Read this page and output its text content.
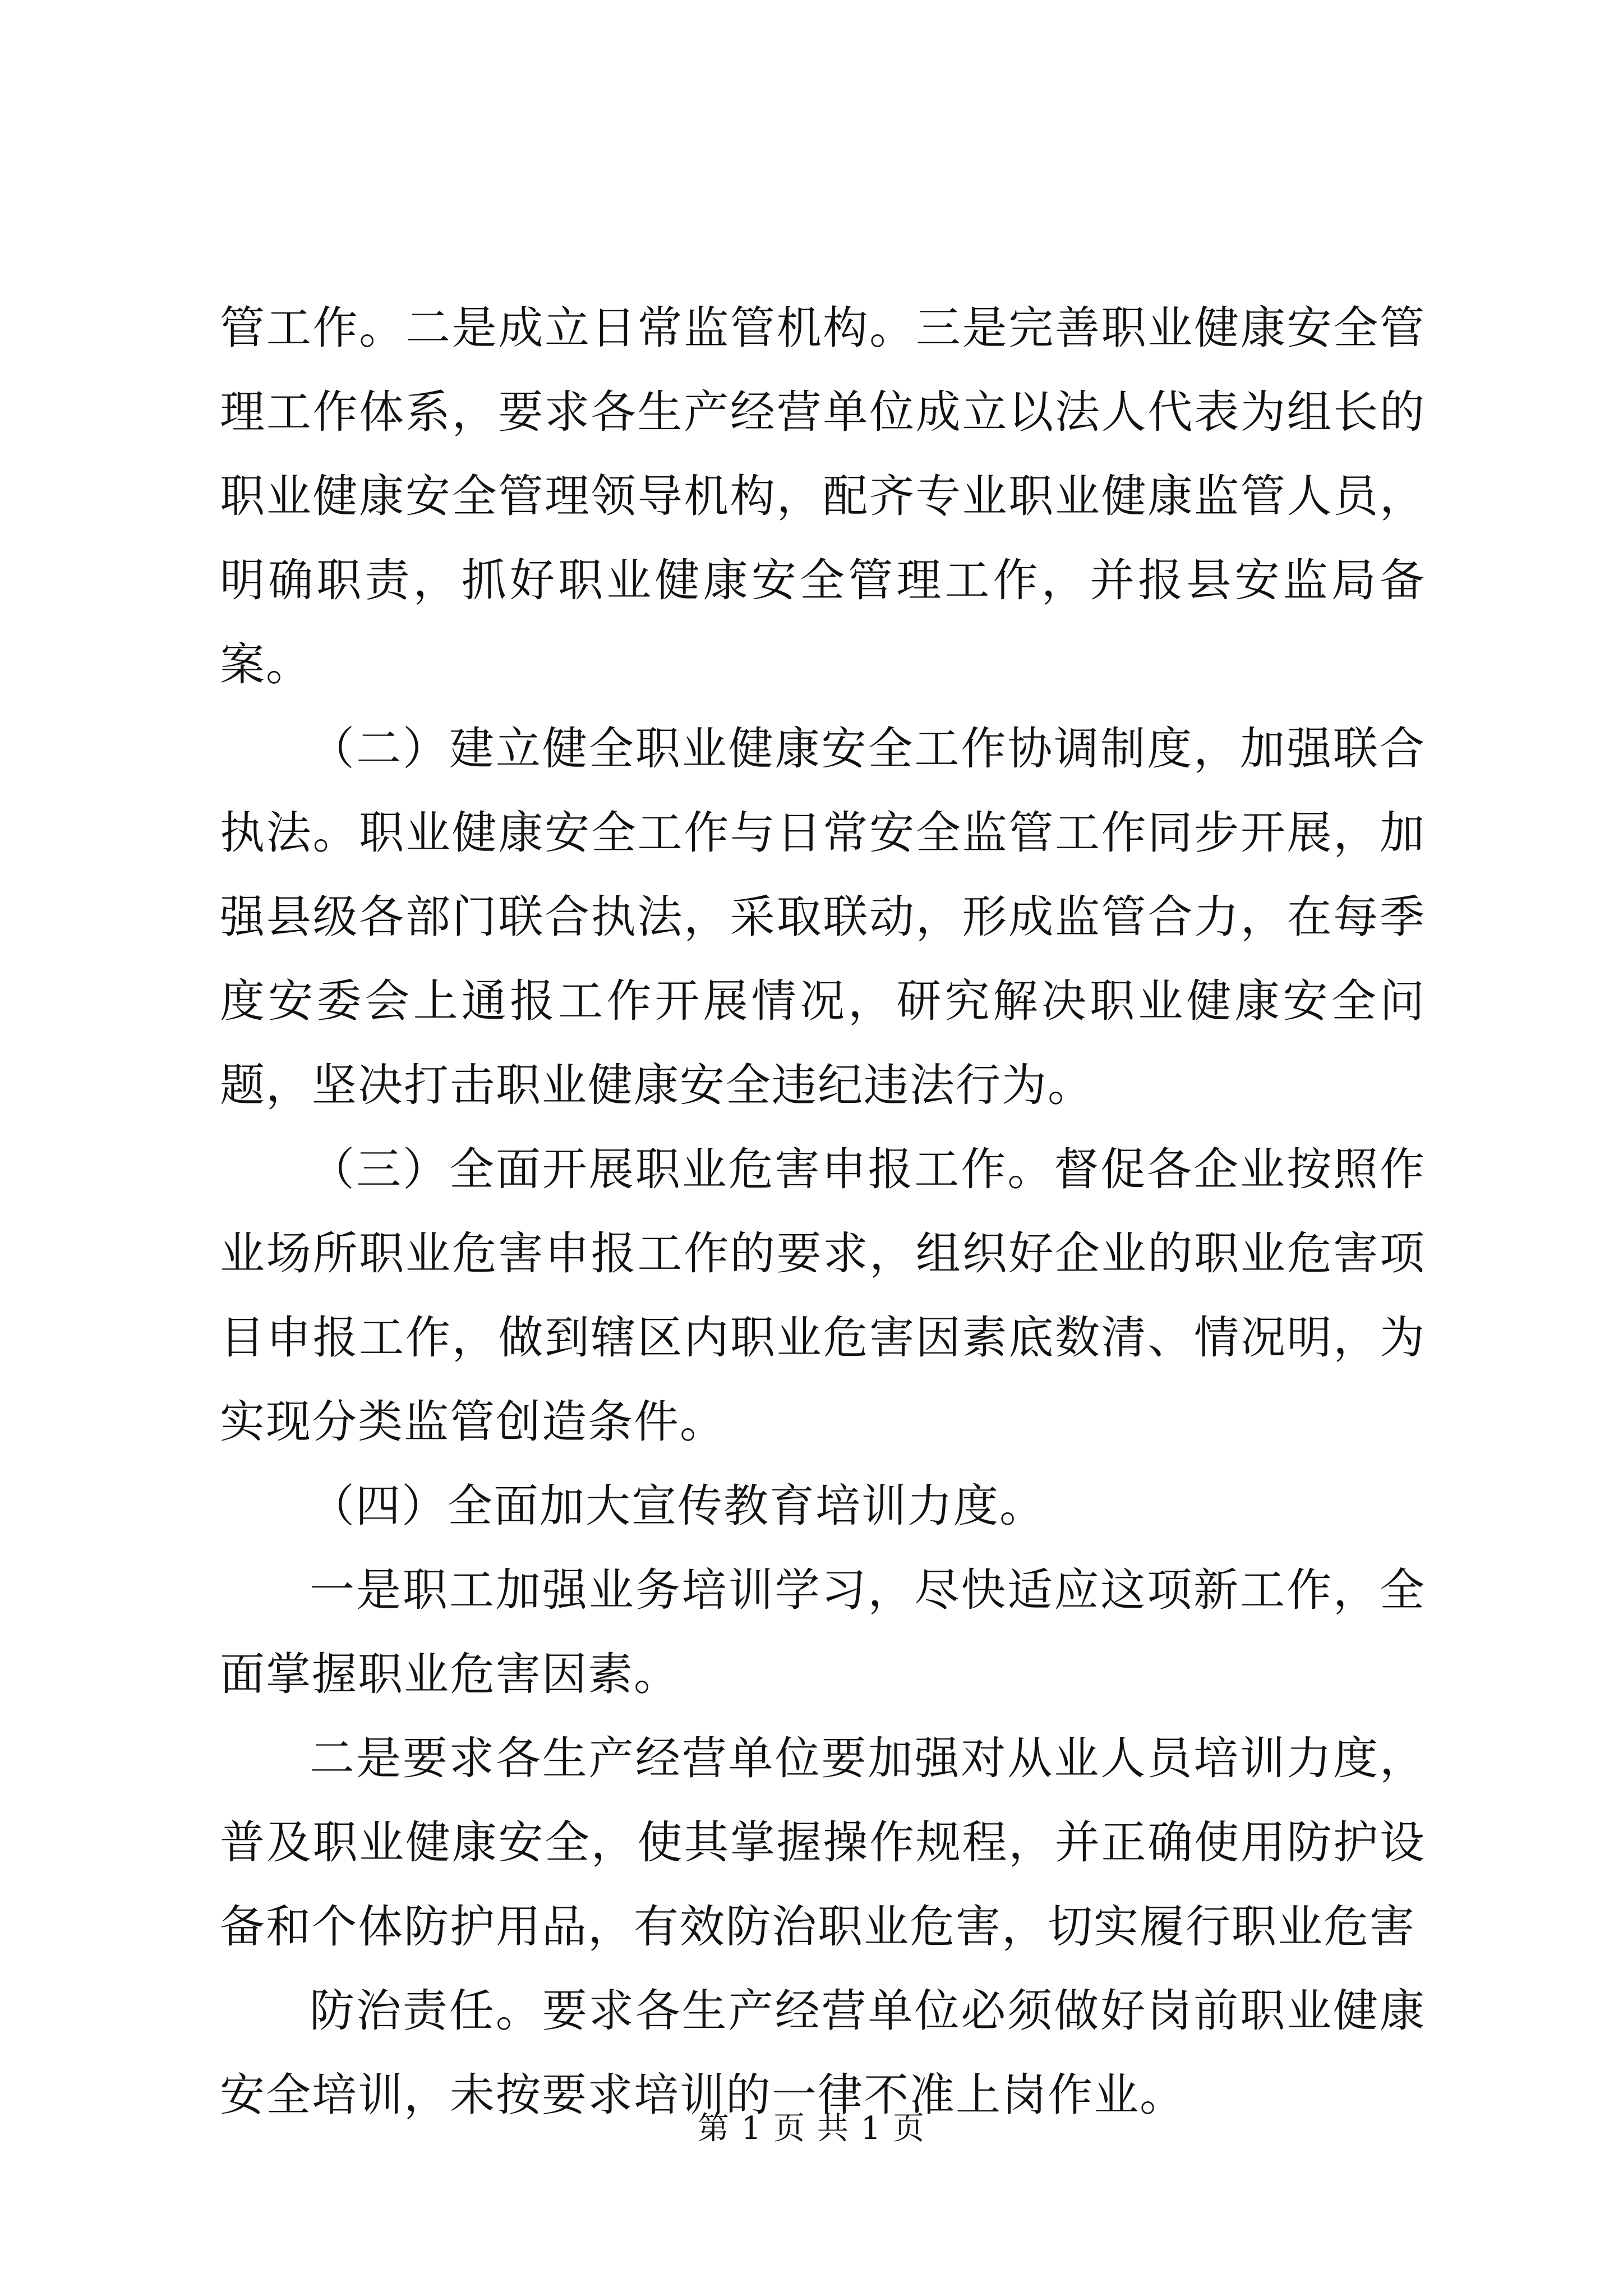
管工作。二是成立日常监管机构。三是完善职业健康安全管理工作体系，要求各生产经营单位成立以法人代表为组长的职业健康安全管理领导机构，配齐专业职业健康监管人员，明确职责，抓好职业健康安全管理工作，并报县安监局备案。

（二）建立健全职业健康安全工作协调制度，加强联合执法。职业健康安全工作与日常安全监管工作同步开展，加强县级各部门联合执法，采取联动，形成监管合力，在每季度安委会上通报工作开展情况，研究解决职业健康安全问题，坚决打击职业健康安全违纪违法行为。

（三）全面开展职业危害申报工作。督促各企业按照作业场所职业危害申报工作的要求，组织好企业的职业危害项目申报工作，做到辖区内职业危害因素底数清、情况明，为实现分类监管创造条件。

（四）全面加大宣传教育培训力度。

一是职工加强业务培训学习，尽快适应这项新工作，全面掌握职业危害因素。

二是要求各生产经营单位要加强对从业人员培训力度，普及职业健康安全，使其掌握操作规程，并正确使用防护设备和个体防护用品，有效防治职业危害，切实履行职业危害

防治责任。要求各生产经营单位必须做好岗前职业健康安全培训，未按要求培训的一律不准上岗作业。

第 1 页 共 1 页
